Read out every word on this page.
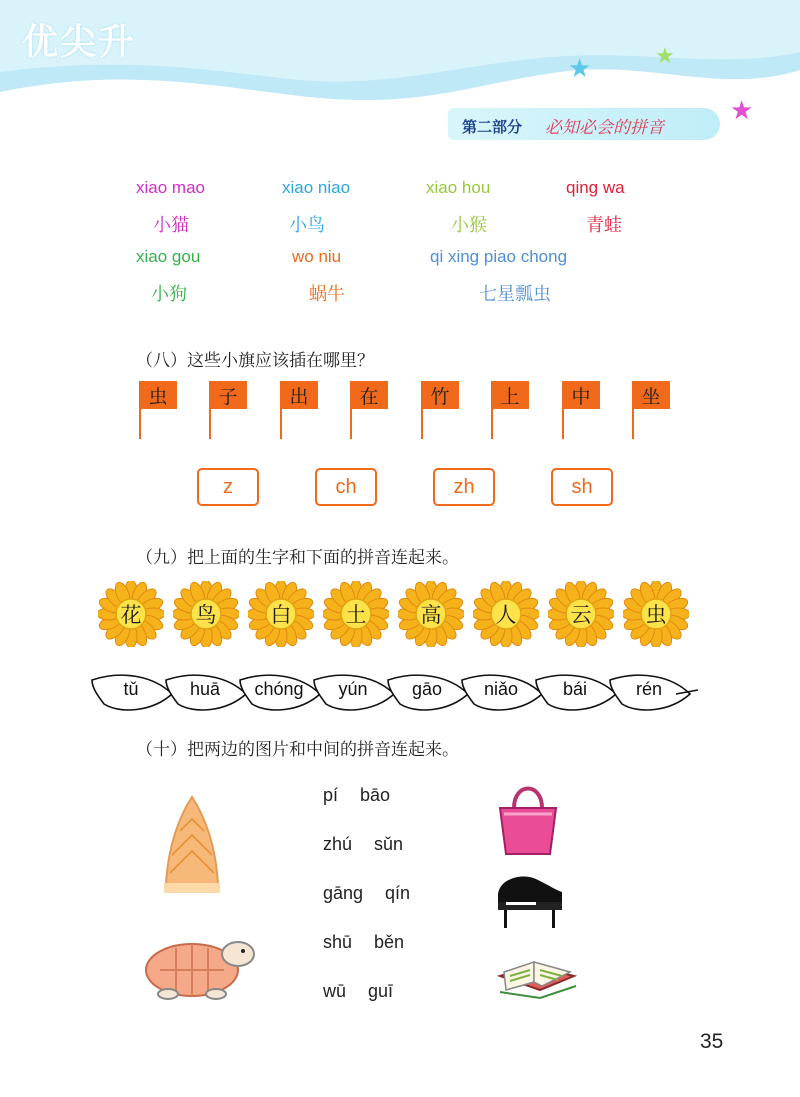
优尖升
★	★
★
第二部分 必知必会的拼音
xiao mao	xiao niao	xiao hou	qing wa
小猫	小鸟	小猴	青蛙
xiao gou	wo niu	qi xing piao chong
小狗	蜗牛	七星瓢虫
（八）这些小旗应该插在哪里？
虫	子	出	在	竹	上	中	坐
z	ch	zh	sh
（九）把上面的生字和下面的拼音连起来。
花	鸟	白	土	高	人	云	虫
tǔ	huā	chóng	yún	gāo	niǎo	bái	rén
（十）把两边的图片和中间的拼音连起来。
pí bāo
zhú sǔn
gāng qín
shū běn
wū guī
35
